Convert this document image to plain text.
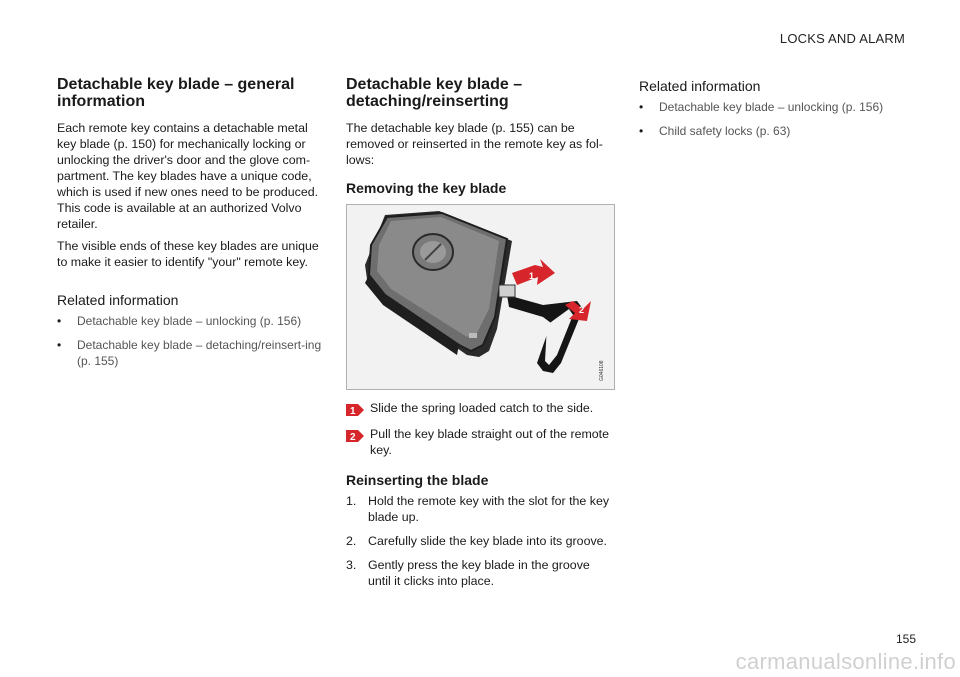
LOCKS AND ALARM
Detachable key blade – general information

Each remote key contains a detachable metal key blade (p. 150) for mechanically locking or unlocking the driver's door and the glove com-partment. The key blades have a unique code, which is used if new ones need to be produced. This code is available at an authorized Volvo retailer.

The visible ends of these key blades are unique to make it easier to identify "your" remote key.

Related information
• Detachable key blade – unlocking (p. 156)
• Detachable key blade – detaching/reinsert-ing (p. 155)
Detachable key blade – detaching/reinserting

The detachable key blade (p. 155) can be removed or reinserted in the remote key as fol-lows:

Removing the key blade
1
2
G046108
1 Slide the spring loaded catch to the side.
2 Pull the key blade straight out of the remote key.
Reinserting the blade
1. Hold the remote key with the slot for the key blade up.
2. Carefully slide the key blade into its groove.
3. Gently press the key blade in the groove until it clicks into place.
Related information
• Detachable key blade – unlocking (p. 156)
• Child safety locks (p. 63)
155
carmanualsonline.info
